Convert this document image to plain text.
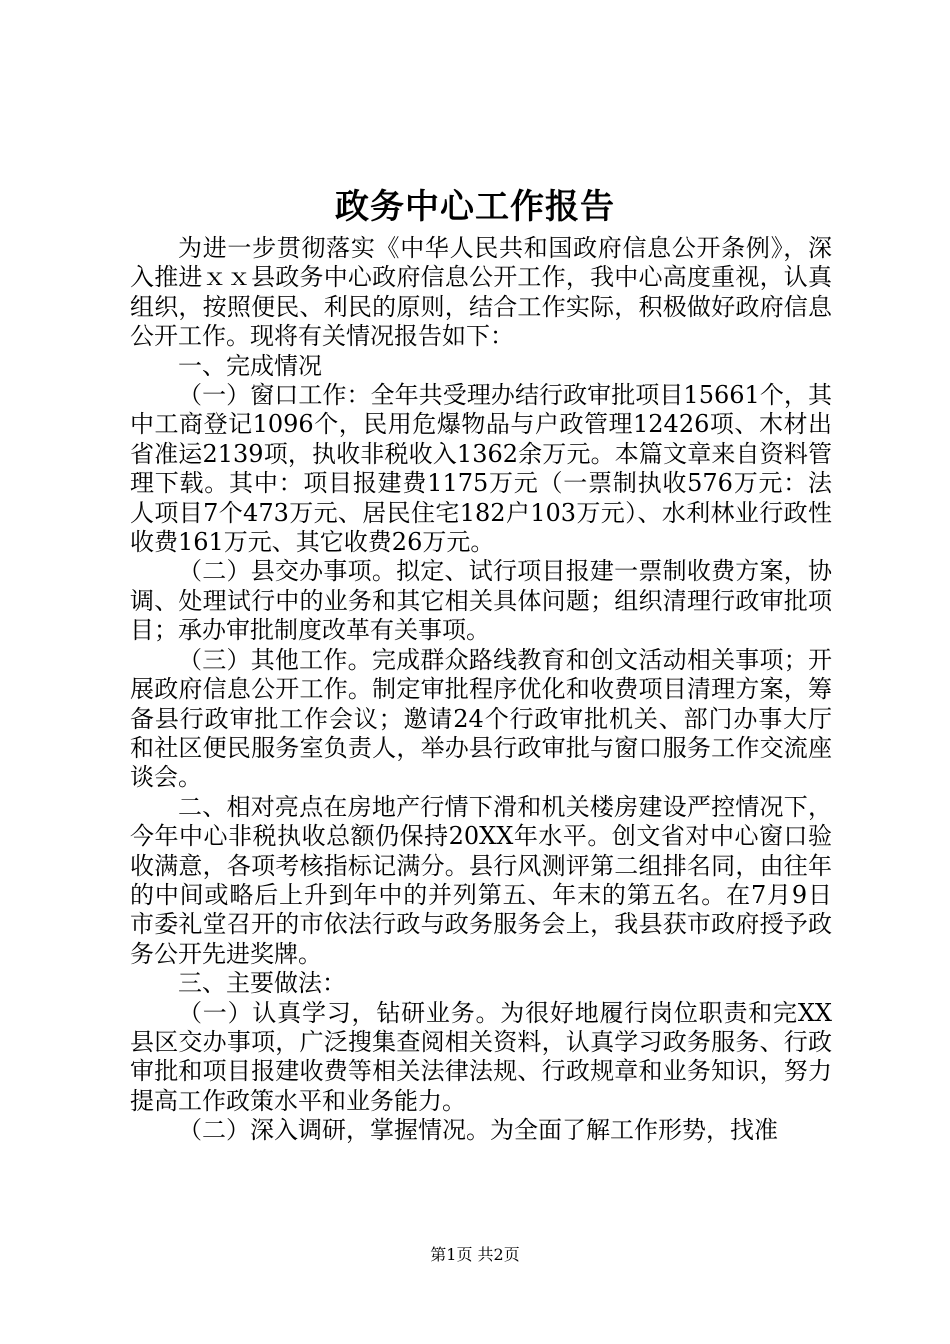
政务中心工作报告

为进一步贯彻落实《中华人民共和国政府信息公开条例》，深入推进ｘｘ县政务中心政府信息公开工作，我中心高度重视，认真组织，按照便民、利民的原则，结合工作实际，积极做好政府信息公开工作。现将有关情况报告如下：

一、完成情况

（一）窗口工作：全年共受理办结行政审批项目15661个，其中工商登记1096个，民用危爆物品与户政管理12426项、木材出省准运2139项，执收非税收入1362余万元。本篇文章来自资料管理下载。其中：项目报建费1175万元（一票制执收576万元：法人项目7个473万元、居民住宅182户103万元）、水利林业行政性收费161万元、其它收费26万元。

（二）县交办事项。拟定、试行项目报建一票制收费方案，协调、处理试行中的业务和其它相关具体问题；组织清理行政审批项目；承办审批制度改革有关事项。

（三）其他工作。完成群众路线教育和创文活动相关事项；开展政府信息公开工作。制定审批程序优化和收费项目清理方案，筹备县行政审批工作会议；邀请24个行政审批机关、部门办事大厅和社区便民服务室负责人，举办县行政审批与窗口服务工作交流座谈会。

二、相对亮点在房地产行情下滑和机关楼房建设严控情况下，今年中心非税执收总额仍保持20XX年水平。创文省对中心窗口验收满意，各项考核指标记满分。县行风测评第二组排名同，由往年的中间或略后上升到年中的并列第五、年末的第五名。在7月9日市委礼堂召开的市依法行政与政务服务会上，我县获市政府授予政务公开先进奖牌。

三、主要做法：

（一）认真学习，钻研业务。为很好地履行岗位职责和完XX县区交办事项，广泛搜集查阅相关资料，认真学习政务服务、行政审批和项目报建收费等相关法律法规、行政规章和业务知识，努力提高工作政策水平和业务能力。

（二）深入调研，掌握情况。为全面了解工作形势，找准

第1页 共2页
